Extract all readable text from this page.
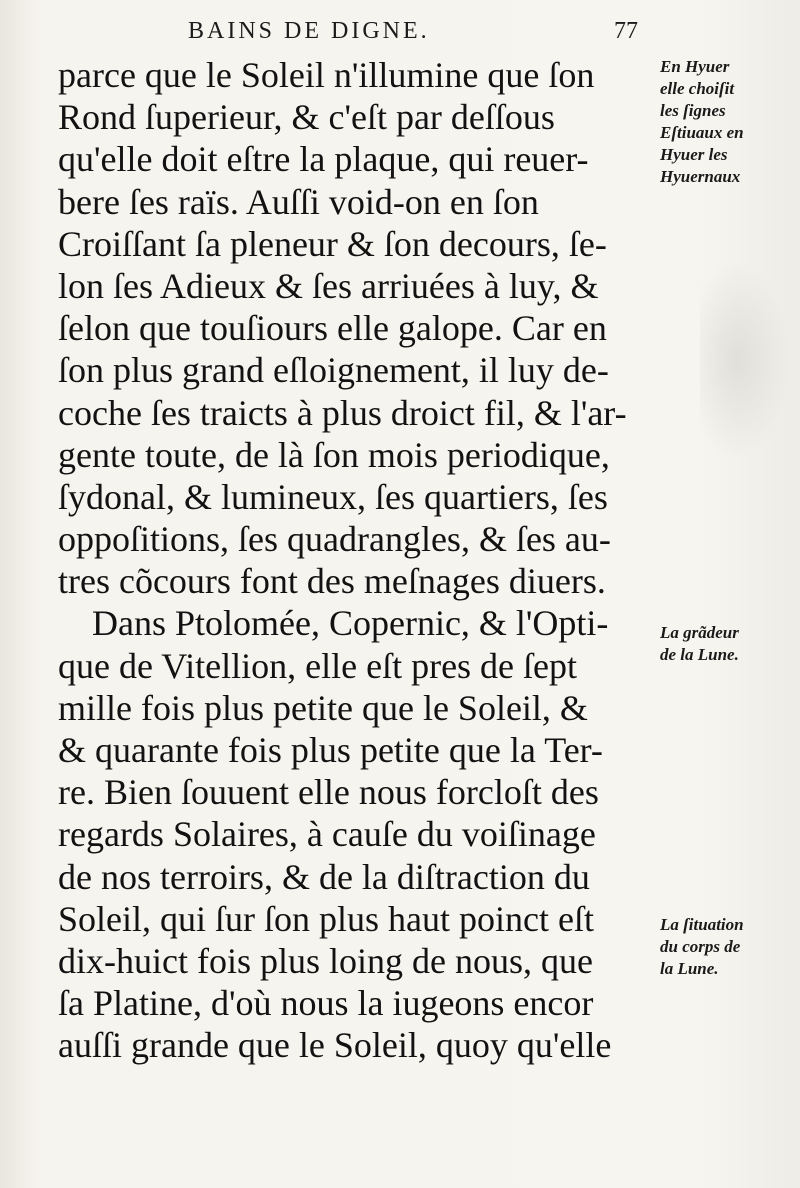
BAINS DE DIGNE.	77
parce que le Soleil n'illumine que ſon
Rond ſuperieur, & c'eſt par deſſous
qu'elle doit eſtre la plaque, qui reuer-
bere ſes raïs. Auſſi void-on en ſon
Croiſſant ſa pleneur & ſon decours, ſe-
lon ſes Adieux & ſes arriuées à luy, &
ſelon que touſiours elle galope. Car en
ſon plus grand eſloignement, il luy de-
coche ſes traicts à plus droict fil, & l'ar-
gente toute, de là ſon mois periodique,
ſydonal, & lumineux, ſes quartiers, ſes
oppoſitions, ſes quadrangles, & ſes au-
tres cõcours font des meſnages diuers.
Dans Ptolomée, Copernic, & l'Opti-
que de Vitellion, elle eſt pres de ſept
mille fois plus petite que le Soleil, &
& quarante fois plus petite que la Ter-
re. Bien ſouuent elle nous forcloſt des
regards Solaires, à cauſe du voiſinage
de nos terroirs, & de la diſtraction du
Soleil, qui ſur ſon plus haut poinct eſt
dix-huict fois plus loing de nous, que
ſa Platine, d'où nous la iugeons encor
auſſi grande que le Soleil, quoy qu'elle
En Hyuer
elle choiſit
les ſignes
Eſtiuaux en
Hyuer les
Hyuernaux
La grãdeur
de la Lune.
La ſituation
du corps de
la Lune.
